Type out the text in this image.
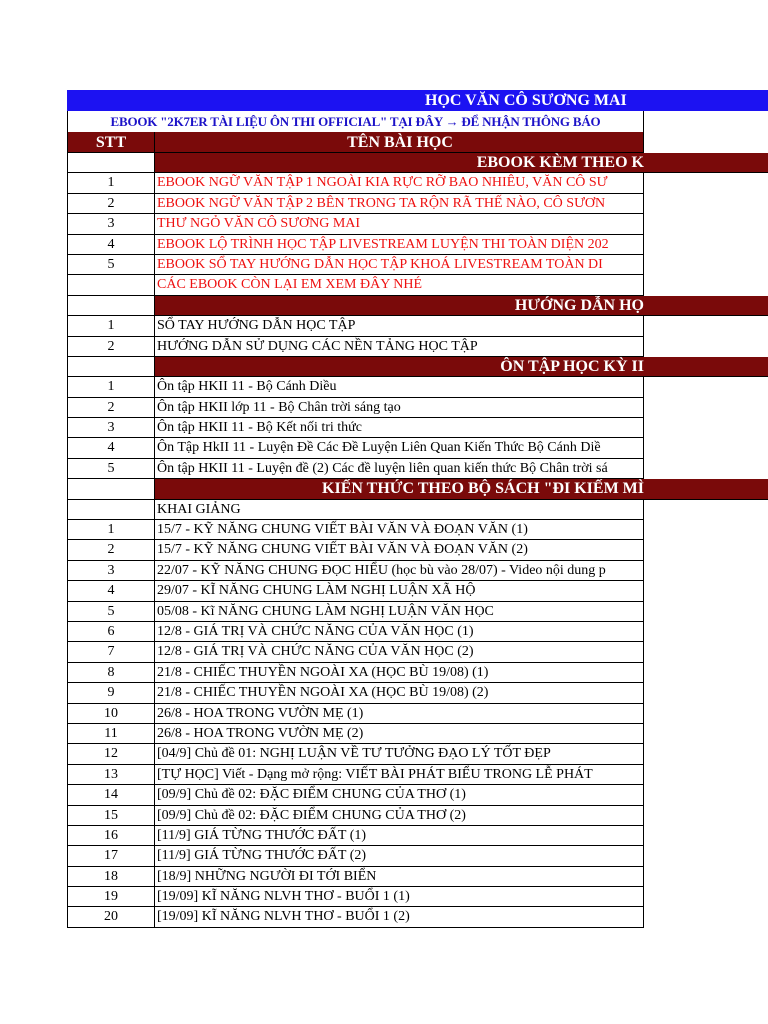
HỌC VĂN CÔ SƯƠNG MAI
EBOOK "2K7ER TÀI LIỆU ÔN THI OFFICIAL" TẠI ĐÂY → ĐỂ NHẬN THÔNG BÁO
STT	TÊN BÀI HỌC
EBOOK KÈM THEO K
1	EBOOK NGỮ VĂN TẬP 1 NGOÀI KIA RỰC RỠ BAO NHIÊU, VĂN CÔ SƯ
2	EBOOK NGỮ VĂN TẬP 2 BÊN TRONG TA RỘN RÃ THẾ NÀO, CÔ SƯƠN
3	THƯ NGỎ VĂN CÔ SƯƠNG MAI
4	EBOOK LỘ TRÌNH HỌC TẬP LIVESTREAM LUYỆN THI TOÀN DIỆN 202
5	EBOOK SỔ TAY HƯỚNG DẪN HỌC TẬP KHOÁ LIVESTREAM TOÀN DI
CÁC EBOOK CÒN LẠI EM XEM ĐÂY NHÉ
HƯỚNG DẪN HỌ
1	SỔ TAY HƯỚNG DẪN HỌC TẬP
2	HƯỚNG DẪN SỬ DỤNG CÁC NỀN TẢNG HỌC TẬP
ÔN TẬP HỌC KỲ II
1	Ôn tập HKII 11 - Bộ Cánh Diều
2	Ôn tập HKII lớp 11 - Bộ Chân trời sáng tạo
3	Ôn tập HKII 11 - Bộ Kết nối tri thức
4	Ôn Tập HkII 11 - Luyện Đề Các Đề Luyện Liên Quan Kiến Thức Bộ Cánh Diề
5	Ôn tập HKII 11 - Luyện đề (2) Các đề luyện liên quan kiến thức Bộ Chân trời sá
KIẾN THỨC THEO BỘ SÁCH "ĐI KIẾM MÌ
KHAI GIẢNG
1	15/7 - KỸ NĂNG CHUNG VIẾT BÀI VĂN VÀ ĐOẠN VĂN (1)
2	15/7 - KỸ NĂNG CHUNG VIẾT BÀI VĂN VÀ ĐOẠN VĂN (2)
3	22/07 - KỸ NĂNG CHUNG ĐỌC HIỂU (học bù vào 28/07) - Video nội dung p
4	29/07 - KĨ NĂNG CHUNG LÀM NGHỊ LUẬN XÃ HỘ
5	05/08 - Kĩ NĂNG CHUNG LÀM NGHỊ LUẬN VĂN HỌC
6	12/8 - GIÁ TRỊ VÀ CHỨC NĂNG CỦA VĂN HỌC (1)
7	12/8 - GIÁ TRỊ VÀ CHỨC NĂNG CỦA VĂN HỌC (2)
8	21/8 - CHIẾC THUYỀN NGOÀI XA (HỌC BÙ 19/08) (1)
9	21/8 - CHIẾC THUYỀN NGOÀI XA (HỌC BÙ 19/08) (2)
10	26/8 - HOA TRONG VƯỜN MẸ (1)
11	26/8 - HOA TRONG VƯỜN MẸ (2)
12	[04/9] Chủ đề 01: NGHỊ LUẬN VỀ TƯ TƯỞNG ĐẠO LÝ TỐT ĐẸP
13	[TỰ HỌC] Viết - Dạng mở rộng: VIẾT BÀI PHÁT BIỂU TRONG LỄ PHÁT
14	[09/9] Chủ đề 02: ĐẶC ĐIỂM CHUNG CỦA THƠ (1)
15	[09/9] Chủ đề 02: ĐẶC ĐIỂM CHUNG CỦA THƠ (2)
16	[11/9] GIÁ TỪNG THƯỚC ĐẤT (1)
17	[11/9] GIÁ TỪNG THƯỚC ĐẤT (2)
18	[18/9] NHỮNG NGƯỜI ĐI TỚI BIỂN
19	[19/09] KĨ NĂNG NLVH THƠ - BUỔI 1 (1)
20	[19/09] KĨ NĂNG NLVH THƠ - BUỔI 1 (2)
